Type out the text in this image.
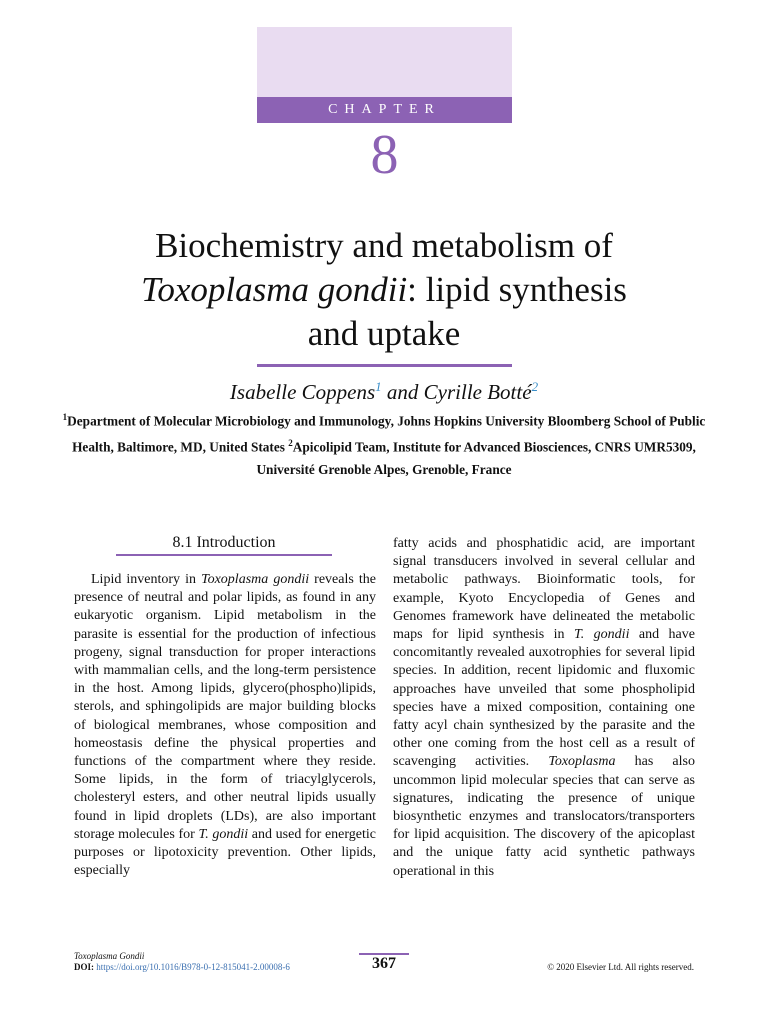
CHAPTER
8
Biochemistry and metabolism of
Toxoplasma gondii: lipid synthesis
and uptake
Isabelle Coppens$^1$ and Cyrille Botté$^2$
$^1$Department of Molecular Microbiology and Immunology, Johns Hopkins University Bloomberg School of Public Health, Baltimore, MD, United States $^2$Apicolipid Team, Institute for Advanced Biosciences, CNRS UMR5309, Université Grenoble Alpes, Grenoble, France
8.1 Introduction
Lipid inventory in Toxoplasma gondii reveals the presence of neutral and polar lipids, as found in any eukaryotic organism. Lipid metabolism in the parasite is essential for the production of infectious progeny, signal transduction for proper interactions with mammalian cells, and the long-term persistence in the host. Among lipids, glycero(phospho)lipids, sterols, and sphingolipids are major building blocks of biological membranes, whose composition and homeostasis define the physical properties and functions of the compartment where they reside. Some lipids, in the form of triacylglycerols, cholesteryl esters, and other neutral lipids usually found in lipid droplets (LDs), are also important storage molecules for T. gondii and used for energetic purposes or lipotoxicity prevention. Other lipids, especially
fatty acids and phosphatidic acid, are important signal transducers involved in several cellular and metabolic pathways. Bioinformatic tools, for example, Kyoto Encyclopedia of Genes and Genomes framework have delineated the metabolic maps for lipid synthesis in T. gondii and have concomitantly revealed auxotrophies for several lipid species. In addition, recent lipidomic and fluxomic approaches have unveiled that some phospholipid species have a mixed composition, containing one fatty acyl chain synthesized by the parasite and the other one coming from the host cell as a result of scavenging activities. Toxoplasma has also uncommon lipid molecular species that can serve as signatures, indicating the presence of unique biosynthetic enzymes and translocators/transporters for lipid acquisition. The discovery of the apicoplast and the unique fatty acid synthetic pathways operational in this
Toxoplasma Gondii
DOI: https://doi.org/10.1016/B978-0-12-815041-2.00008-6	367	© 2020 Elsevier Ltd. All rights reserved.
